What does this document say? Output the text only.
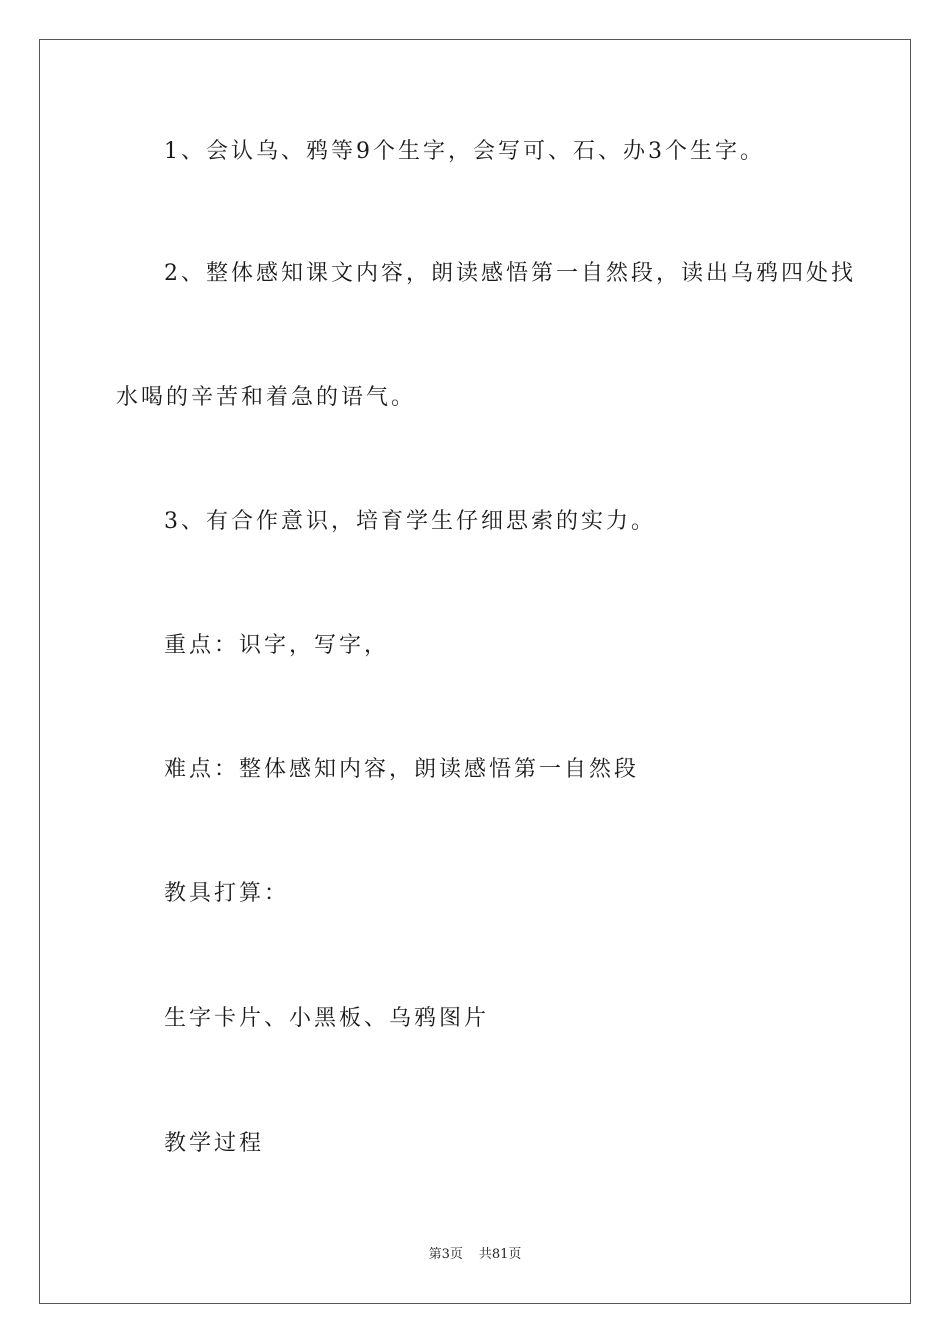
1、会认乌、鸦等9个生字，会写可、石、办3个生字。
2、整体感知课文内容，朗读感悟第一自然段，读出乌鸦四处找
水喝的辛苦和着急的语气。
3、有合作意识，培育学生仔细思索的实力。
重点：识字，写字，
难点：整体感知内容，朗读感悟第一自然段
教具打算：
生字卡片、小黑板、乌鸦图片
教学过程
第3页 共81页
